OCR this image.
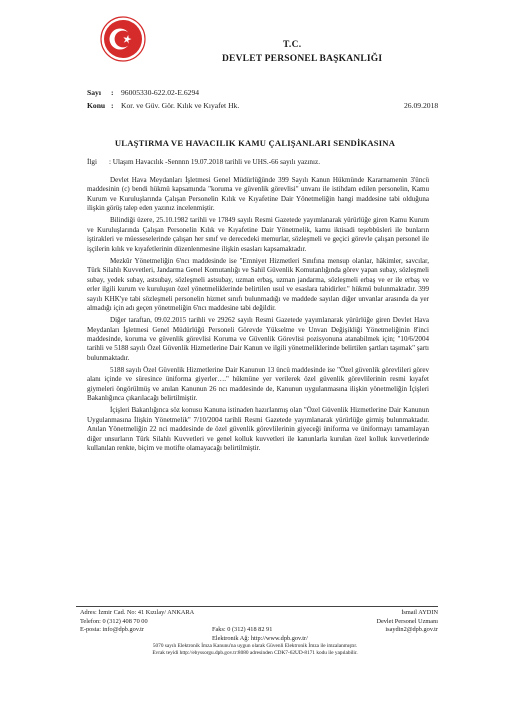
T.C.
DEVLET PERSONEL BAŞKANLIĞI
Sayı : 96005330-622.02-E.6294
Konu : Kor. ve Güv. Gör. Kılık ve Kıyafet Hk.	26.09.2018
ULAŞTIRMA VE HAVACILIK KAMU ÇALIŞANLARI SENDİKASINA
İlgi : Ulaşım Havacılık -Sennnn 19.07.2018 tarihli ve UHS.-66 sayılı yazınız.

Devlet Hava Meydanları İşletmesi Genel Müdürlüğünde 399 Sayılı Kanun Hükmünde Kararnamenin 3'üncü maddesinin (c) bendi hükmü kapsamında "koruma ve güvenlik görevlisi" unvanı ile istihdam edilen personelin, Kamu Kurum ve Kuruluşlarında Çalışan Personelin Kılık ve Kıyafetine Dair Yönetmeliğin hangi maddesine tabi olduğuna ilişkin görüş talep eden yazınız incelenmiştir.

Bilindiği üzere, 25.10.1982 tarihli ve 17849 sayılı Resmi Gazetede yayımlanarak yürürlüğe giren Kamu Kurum ve Kuruluşlarında Çalışan Personelin Kılık ve Kıyafetine Dair Yönetmelik, kamu iktisadi teşebbüsleri ile bunların iştirakleri ve müesseselerinde çalışan her sınıf ve derecedeki memurlar, sözleşmeli ve geçici görevle çalışan personel ile işçilerin kılık ve kıyafetlerinin düzenlenmesine ilişkin esasları kapsamaktadır.

Mezkûr Yönetmeliğin 6'ncı maddesinde ise "Emniyet Hizmetleri Sınıfına mensup olanlar, hâkimler, savcılar, Türk Silahlı Kuvvetleri, Jandarma Genel Komutanlığı ve Sahil Güvenlik Komutanlığında görev yapan subay, sözleşmeli subay, yedek subay, astsubay, sözleşmeli astsubay, uzman erbaş, uzman jandarma, sözleşmeli erbaş ve er ile erbaş ve erler ilgili kurum ve kuruluşun özel yönetmeliklerinde belirtilen usul ve esaslara tabidirler." hükmü bulunmaktadır. 399 sayılı KHK'ye tabi sözleşmeli personelin hizmet sınıfı bulunmadığı ve maddede sayılan diğer unvanlar arasında da yer almadığı için adı geçen yönetmeliğin 6'ncı maddesine tabi değildir.

Diğer taraftan, 09.02.2015 tarihli ve 29262 sayılı Resmi Gazetede yayımlanarak yürürlüğe giren Devlet Hava Meydanları İşletmesi Genel Müdürlüğü Personeli Görevde Yükselme ve Unvan Değişikliği Yönetmeliğinin 8'inci maddesinde, koruma ve güvenlik görevlisi Koruma ve Güvenlik Görevlisi pozisyonuna atanabilmek için; "10/6/2004 tarihli ve 5188 sayılı Özel Güvenlik Hizmetlerine Dair Kanun ve ilgili yönetmeliklerinde belirtilen şartları taşımak" şartı bulunmaktadır.

5188 sayılı Özel Güvenlik Hizmetlerine Dair Kanunun 13 üncü maddesinde ise "Özel güvenlik görevlileri görev alanı içinde ve süresince üniforma giyerler…." hükmüne yer verilerek özel güvenlik görevlilerinin resmi kıyafet giymeleri öngörülmüş ve anılan Kanunun 26 ncı maddesinde de, Kanunun uygulanmasına ilişkin yönetmeliğin İçişleri Bakanlığınca çıkarılacağı belirtilmiştir.

İçişleri Bakanlığınca söz konusu Kanuna istinaden hazırlanmış olan "Özel Güvenlik Hizmetlerine Dair Kanunun Uygulanmasına İlişkin Yönetmelik" 7/10/2004 tarihli Resmi Gazetede yayımlanarak yürürlüğe girmiş bulunmaktadır. Anılan Yönetmeliğin 22 nci maddesinde de özel güvenlik görevlilerinin giyeceği üniforma ve üniformayı tamamlayan diğer unsurların Türk Silahlı Kuvvetleri ve genel kolluk kuvvetleri ile kanunlarla kurulan özel kolluk kuvvetlerinde kullanılan renkte, biçim ve motifte olamayacağı belirtilmiştir.

Adres: İzmir Cad. No: 41 Kızılay/ ANKARA
Telefon: 0 (312) 408 70 00
E-posta: info@dpb.gov.tr	Faks: 0 (312) 418 82 91
Elektronik Ağ: http://www.dpb.gov.tr/
İsmail AYDIN
Devlet Personel Uzmanı
isaydin2@dpb.gov.tr
5070 sayılı Elektronik İmza Kanunu'na uygun olarak Güvenli Elektronik İmza ile imzalanmıştır.
Evrak teyidi http://ebyssorgu.dpb.gov.tr:8080 adresinden CDK7-62UD-8171 kodu ile yapılabilir.
